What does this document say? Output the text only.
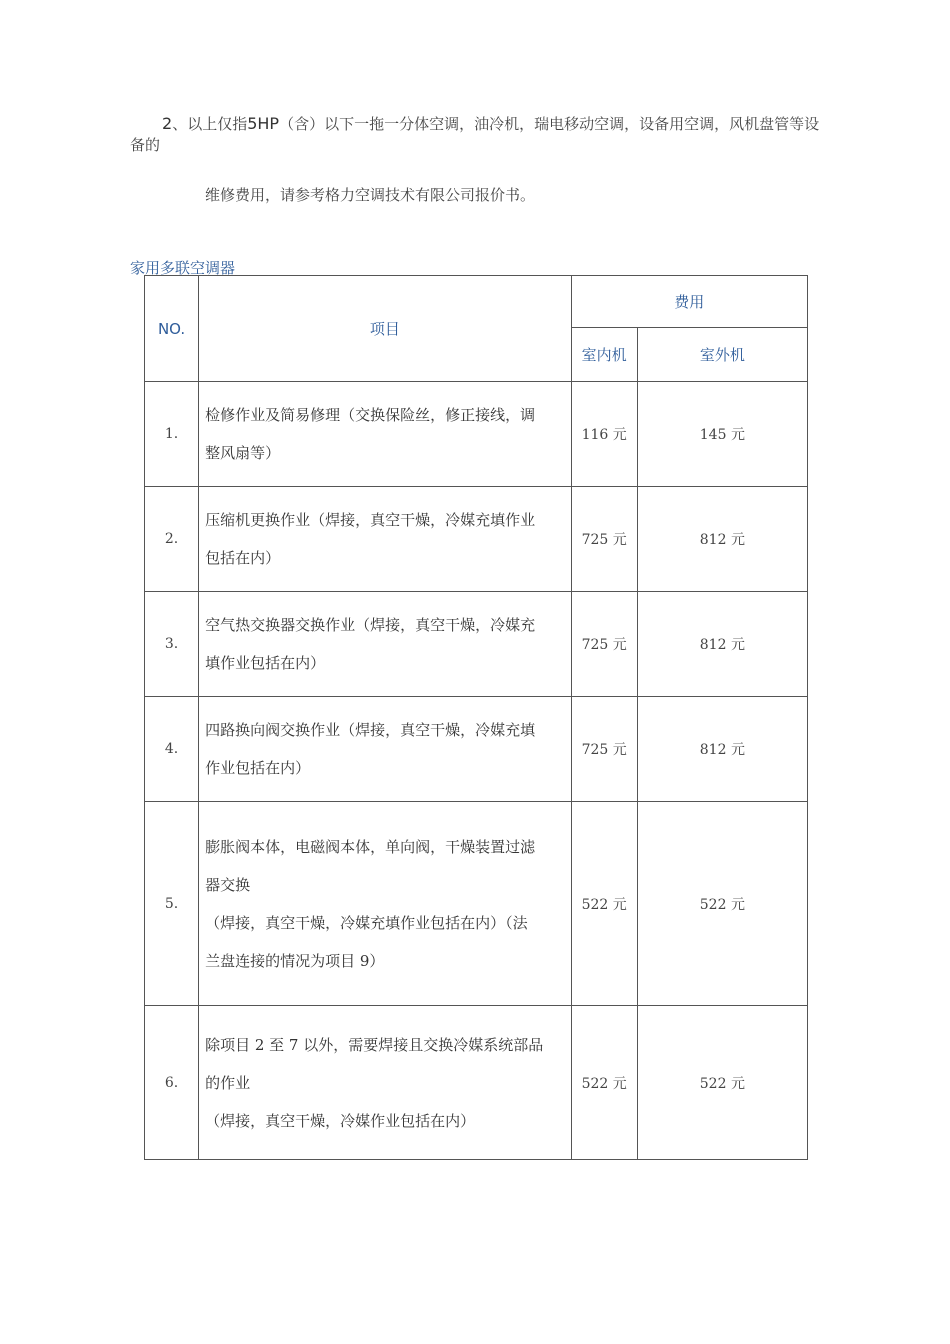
2、以上仅指5HP（含）以下一拖一分体空调，油冷机，瑞电移动空调，设备用空调，风机盘管等设备的
维修费用，请参考格力空调技术有限公司报价书。
家用多联空调器
NO.	项目	费用	
		室内机	室外机
1.	检修作业及简易修理（交换保险丝，修正接线，调
整风扇等）	116 元	145 元
2.	压缩机更换作业（焊接，真空干燥，冷媒充填作业
包括在内）	725 元	812 元
3.	空气热交换器交换作业（焊接，真空干燥，冷媒充
填作业包括在内）	725 元	812 元
4.	四路换向阀交换作业（焊接，真空干燥，冷媒充填
作业包括在内）	725 元	812 元
5.	膨胀阀本体，电磁阀本体，单向阀，干燥装置过滤
器交换
（焊接，真空干燥，冷媒充填作业包括在内）（法
兰盘连接的情况为项目 9）	522 元	522 元
6.	除项目 2 至 7 以外，需要焊接且交换冷媒系统部品
的作业
（焊接，真空干燥，冷媒作业包括在内）	522 元	522 元
